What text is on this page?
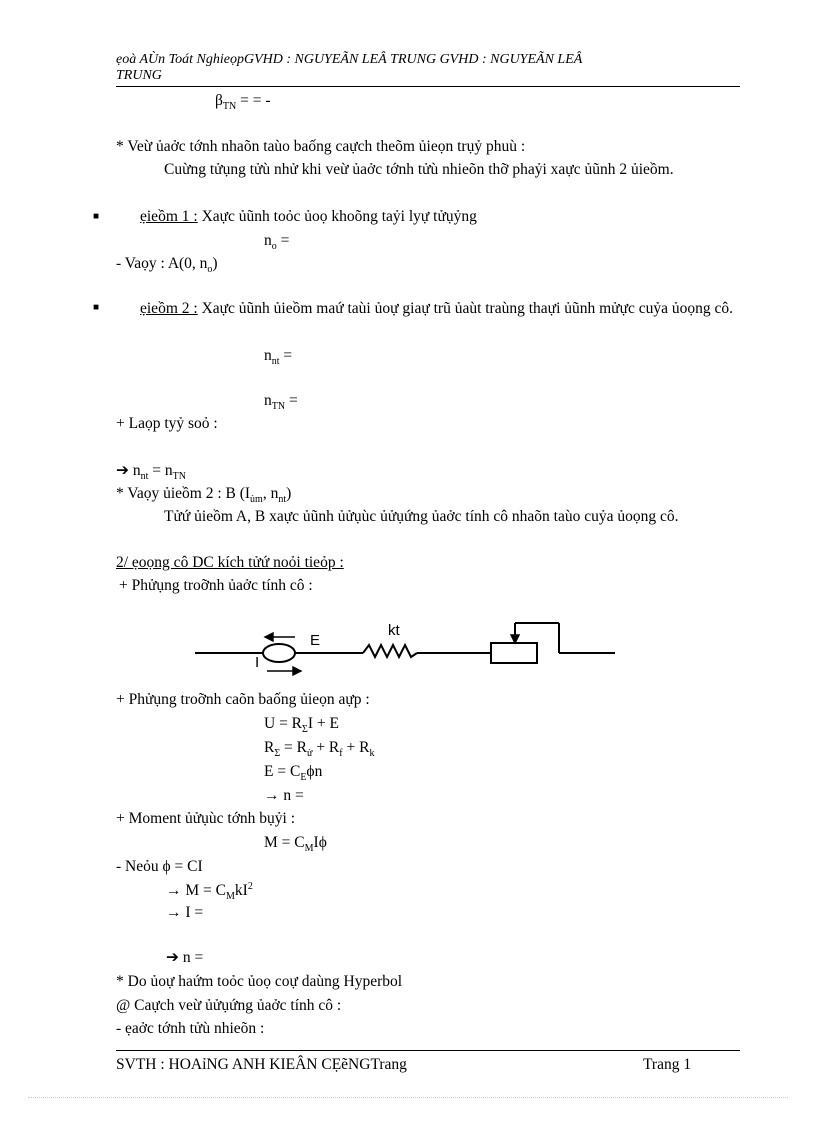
ẹoà AÙn Toát NghieọpGVHD : NGUYEÃN LEÂ TRUNG GVHD : NGUYEÃN LEÂ
TRUNG
$\beta_{TN}$ = = -
* Veừ ủaởc tớnh nhaõn taùo baống caựch theõm ủieọn trụỷ phuù :
Cuừng tửụng tửù nhử khi veừ ủaởc tớnh tửù nhieõn thỡ phaỷi xaực ủũnh 2 ủieồm.
■	ẹieồm 1 : Xaực ủũnh toỏc ủoọ khoõng taỷi lyự tửụỷng
$n_o$ =
- Vaọy : A(0, $n_o$)
■	ẹieồm 2 : Xaực ủũnh ủieồm maứ taùi ủoự giaự trũ ủaùt traùng thaựi ủũnh mửực cuỷa ủoọng cô.
$n_{nt}$ =
$n_{TN}$ =
+ Laọp tyỷ soỏ :
➔ $n_{nt} = n_{TN}$
* Vaọy ủieồm 2 : B ($I_{ủm}$, $n_{nt}$)
Tửứ ủieồm A, B xaực ủũnh ủửụùc ủửụứng ủaởc tính cô nhaõn taùo cuỷa ủoọng cô.
2/ ẹoọng cô DC kích tửứ noỏi tieỏp :
+ Phửụng troỡnh ủaởc tính cô :
E
kt
I
+ Phửụng troỡnh caõn baống ủieọn aựp :
$U = R_\Sigma I + E$
$R_\Sigma = R_ử + R_f + R_k$
$E = C_E\phi n$
→ n =
+ Moment ủửụùc tớnh bụỷi :
$M = C_MI\phi$
- Neỏu ϕ = CI
→ $M = C_MkI^2$
→ I =
➔ n =
* Do ủoự haứm toỏc ủoọ coự daùng Hyperbol
@ Caựch veừ ủửụứng ủaởc tính cô :
- ẹaởc tớnh tửù nhieõn :
SVTH : HOAỉNG ANH KIEÂN CẸẽNGTrang	Trang 1
